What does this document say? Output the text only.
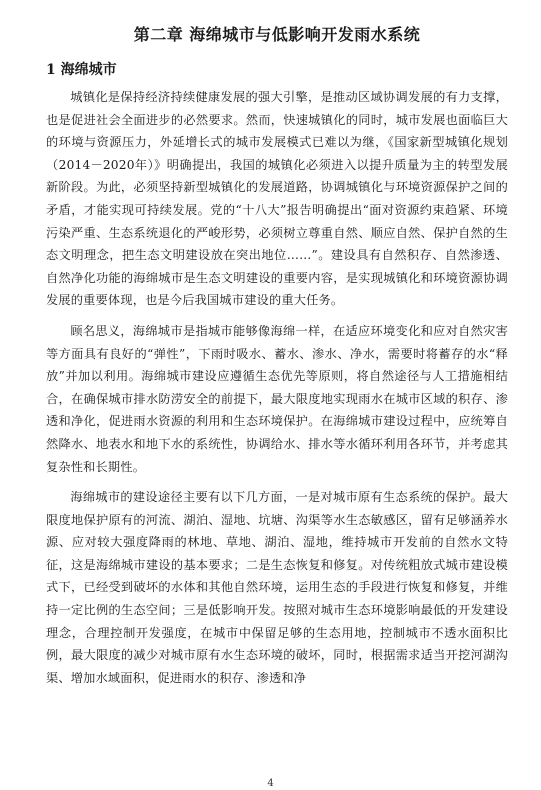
第二章 海绵城市与低影响开发雨水系统
1 海绵城市

城镇化是保持经济持续健康发展的强大引擎，是推动区域协调发展的有力支撑，也是促进社会全面进步的必然要求。然而，快速城镇化的同时，城市发展也面临巨大的环境与资源压力，外延增长式的城市发展模式已难以为继，《国家新型城镇化规划（2014－2020年）》明确提出，我国的城镇化必须进入以提升质量为主的转型发展新阶段。为此，必须坚持新型城镇化的发展道路，协调城镇化与环境资源保护之间的矛盾，才能实现可持续发展。党的“十八大”报告明确提出“面对资源约束趋紧、环境污染严重、生态系统退化的严峻形势，必须树立尊重自然、顺应自然、保护自然的生态文明理念，把生态文明建设放在突出地位……”。建设具有自然积存、自然渗透、自然净化功能的海绵城市是生态文明建设的重要内容，是实现城镇化和环境资源协调发展的重要体现，也是今后我国城市建设的重大任务。

顾名思义，海绵城市是指城市能够像海绵一样，在适应环境变化和应对自然灾害等方面具有良好的“弹性”，下雨时吸水、蓄水、渗水、净水，需要时将蓄存的水“释放”并加以利用。海绵城市建设应遵循生态优先等原则，将自然途径与人工措施相结合，在确保城市排水防涝安全的前提下，最大限度地实现雨水在城市区域的积存、渗透和净化，促进雨水资源的利用和生态环境保护。在海绵城市建设过程中，应统筹自然降水、地表水和地下水的系统性，协调给水、排水等水循环利用各环节，并考虑其复杂性和长期性。

海绵城市的建设途径主要有以下几方面，一是对城市原有生态系统的保护。最大限度地保护原有的河流、湖泊、湿地、坑塘、沟渠等水生态敏感区，留有足够涵养水源、应对较大强度降雨的林地、草地、湖泊、湿地，维持城市开发前的自然水文特征，这是海绵城市建设的基本要求；二是生态恢复和修复。对传统粗放式城市建设模式下，已经受到破坏的水体和其他自然环境，运用生态的手段进行恢复和修复，并维持一定比例的生态空间；三是低影响开发。按照对城市生态环境影响最低的开发建设理念，合理控制开发强度，在城市中保留足够的生态用地，控制城市不透水面积比例，最大限度的减少对城市原有水生态环境的破坏，同时，根据需求适当开挖河湖沟渠、增加水域面积，促进雨水的积存、渗透和净

4
